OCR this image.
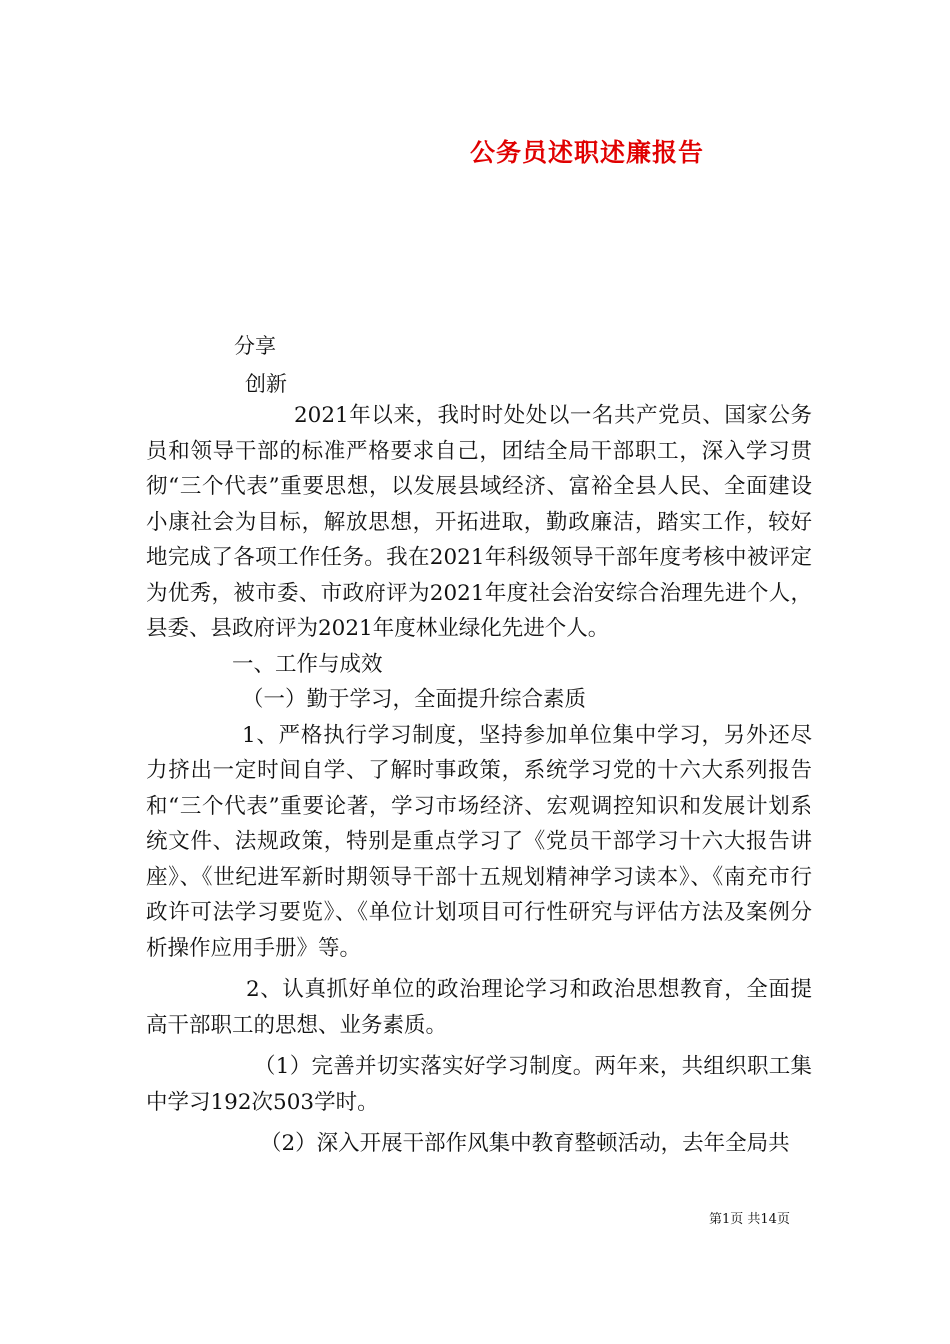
公务员述职述廉报告
分享
创新

2021年以来，我时时处处以一名共产党员、国家公务员和领导干部的标准严格要求自己，团结全局干部职工，深入学习贯彻“三个代表”重要思想，以发展县域经济、富裕全县人民、全面建设小康社会为目标，解放思想，开拓进取，勤政廉洁，踏实工作，较好地完成了各项工作任务。我在2021年科级领导干部年度考核中被评定为优秀，被市委、市政府评为2021年度社会治安综合治理先进个人，县委、县政府评为2021年度林业绿化先进个人。

一、工作与成效

（一）勤于学习，全面提升综合素质

1、严格执行学习制度，坚持参加单位集中学习，另外还尽力挤出一定时间自学、了解时事政策，系统学习党的十六大系列报告和“三个代表”重要论著，学习市场经济、宏观调控知识和发展计划系统文件、法规政策，特别是重点学习了《党员干部学习十六大报告讲座》、《世纪进军新时期领导干部十五规划精神学习读本》、《南充市行政许可法学习要览》、《单位计划项目可行性研究与评估方法及案例分析操作应用手册》等。

2、认真抓好单位的政治理论学习和政治思想教育，全面提高干部职工的思想、业务素质。

（1）完善并切实落实好学习制度。两年来，共组织职工集中学习192次503学时。

（2）深入开展干部作风集中教育整顿活动，去年全局共

第1页 共14页
